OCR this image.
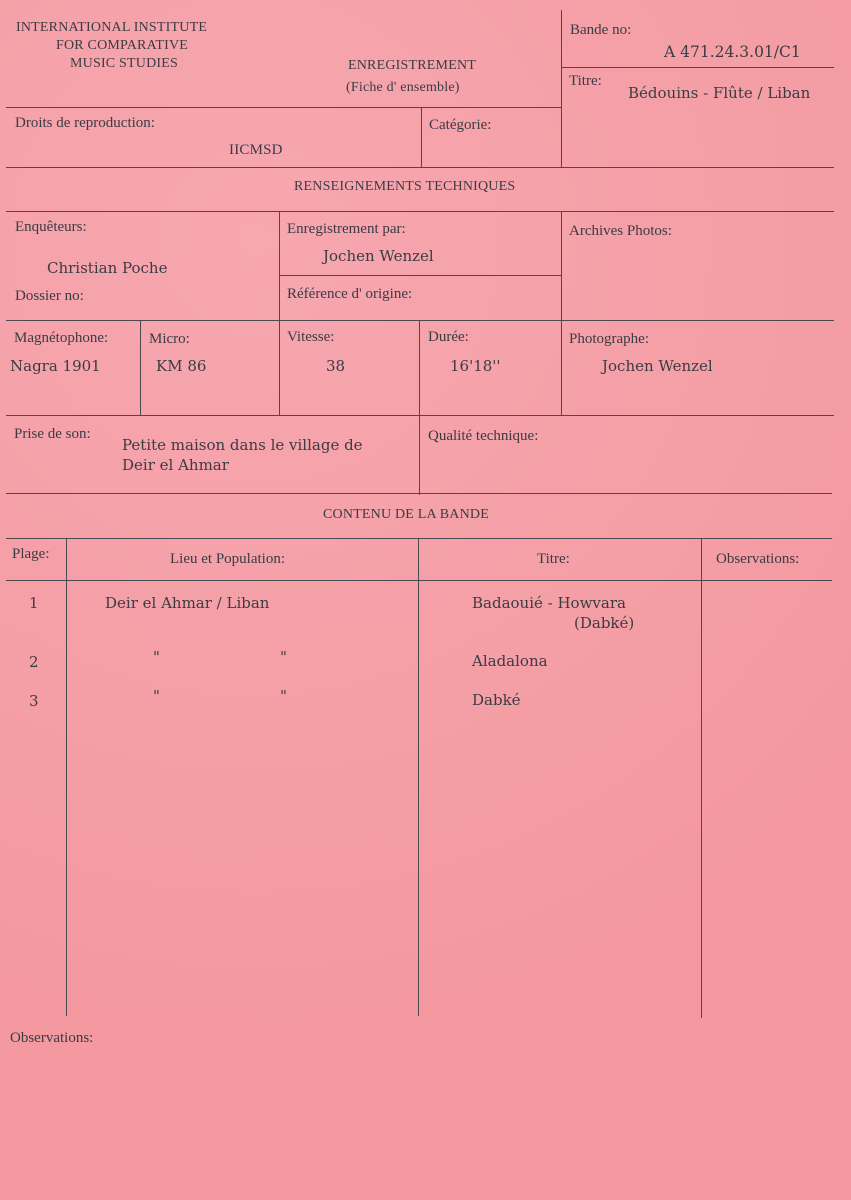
INTERNATIONAL INSTITUTE
FOR COMPARATIVE
MUSIC STUDIES	ENREGISTREMENT
(Fiche d' ensemble)
Bande no:
A 471.24.3.01/C1
Titre:
Bédouins - Flûte / Liban
Droits de reproduction:
IICMSD
Catégorie:
RENSEIGNEMENTS TECHNIQUES
Enquêteurs:
Christian Poche
Dossier no:
Enregistrement par:
Jochen Wenzel
Référence d' origine:
Archives Photos:
Magnétophone:
Nagra 1901
Micro:
KM 86
Vitesse:
38
Durée:
16'18''
Photographe:
Jochen Wenzel
Prise de son:
Petite maison dans le village de
Deir el Ahmar
Qualité technique:
CONTENU DE LA BANDE
Plage:	Lieu et Population:	Titre:	Observations:
1	Deir el Ahmar / Liban	Badaouié - Howvara
(Dabké)
2	"	"	Aladalona
3	"	"	Dabké
Observations:
